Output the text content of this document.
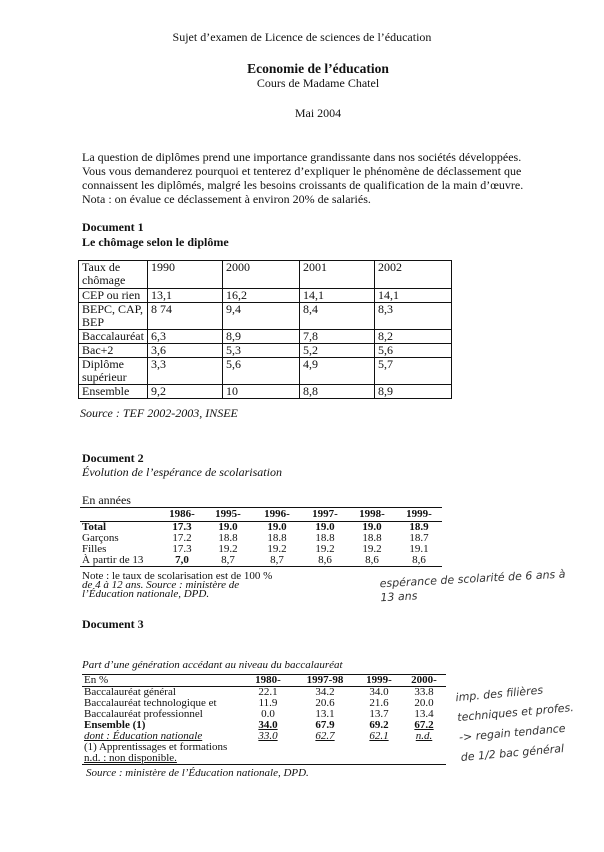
Sujet d’examen de Licence de sciences de l’éducation
Economie de l’éducation
Cours de Madame Chatel
Mai 2004
La question de diplômes prend une importance grandissante dans nos sociétés développées.
Vous vous demanderez pourquoi et tenterez d’expliquer le phénomène de déclassement que
connaissent les diplômés, malgré les besoins croissants de qualification de la main d’œuvre.
Nota : on évalue ce déclassement à environ 20% de salariés.
Document 1
Le chômage selon le diplôme
Taux de chômage	1990	2000	2001	2002
CEP ou rien	13,1	16,2	14,1	14,1
BEPC, CAP, BEP	8 74	9,4	8,4	8,3
Baccalauréat	6,3	8,9	7,8	8,2
Bac+2	3,6	5,3	5,2	5,6
Diplôme supérieur	3,3	5,6	4,9	5,7
Ensemble	9,2	10	8,8	8,9
Source : TEF 2002-2003, INSEE
Document 2
Évolution de l’espérance de scolarisation
En années
	1986-	1995-	1996-	1997-	1998-	1999-
Total	17.3	19.0	19.0	19.0	19.0	18.9
Garçons	17.2	18.8	18.8	18.8	18.8	18.7
Filles	17.3	19.2	19.2	19.2	19.2	19.1
À partir de 13	7,0	8,7	8,7	8,6	8,6	8,6
Note : le taux de scolarisation est de 100 %
de 4 à 12 ans. Source : ministère de
l’Éducation nationale, DPD.
espérance de scolarité de 6 ans à 13 ans
Document 3
Part d’une génération accédant au niveau du baccalauréat
En %	1980-	1997-98	1999-	2000-
Baccalauréat général	22.1	34.2	34.0	33.8
Baccalauréat technologique et	11.9	20.6	21.6	20.0
Baccalauréat professionnel	0.0	13.1	13.7	13.4
Ensemble (1)	34.0	67.9	69.2	67.2
dont : Éducation nationale	33.0	62.7	62.1	n.d.
(1) Apprentissages et formations				
n.d. : non disponible.				
Source : ministère de l’Éducation nationale, DPD.
imp. des filières
techniques et profes.
-> regain tendance
de 1/2 bac général
